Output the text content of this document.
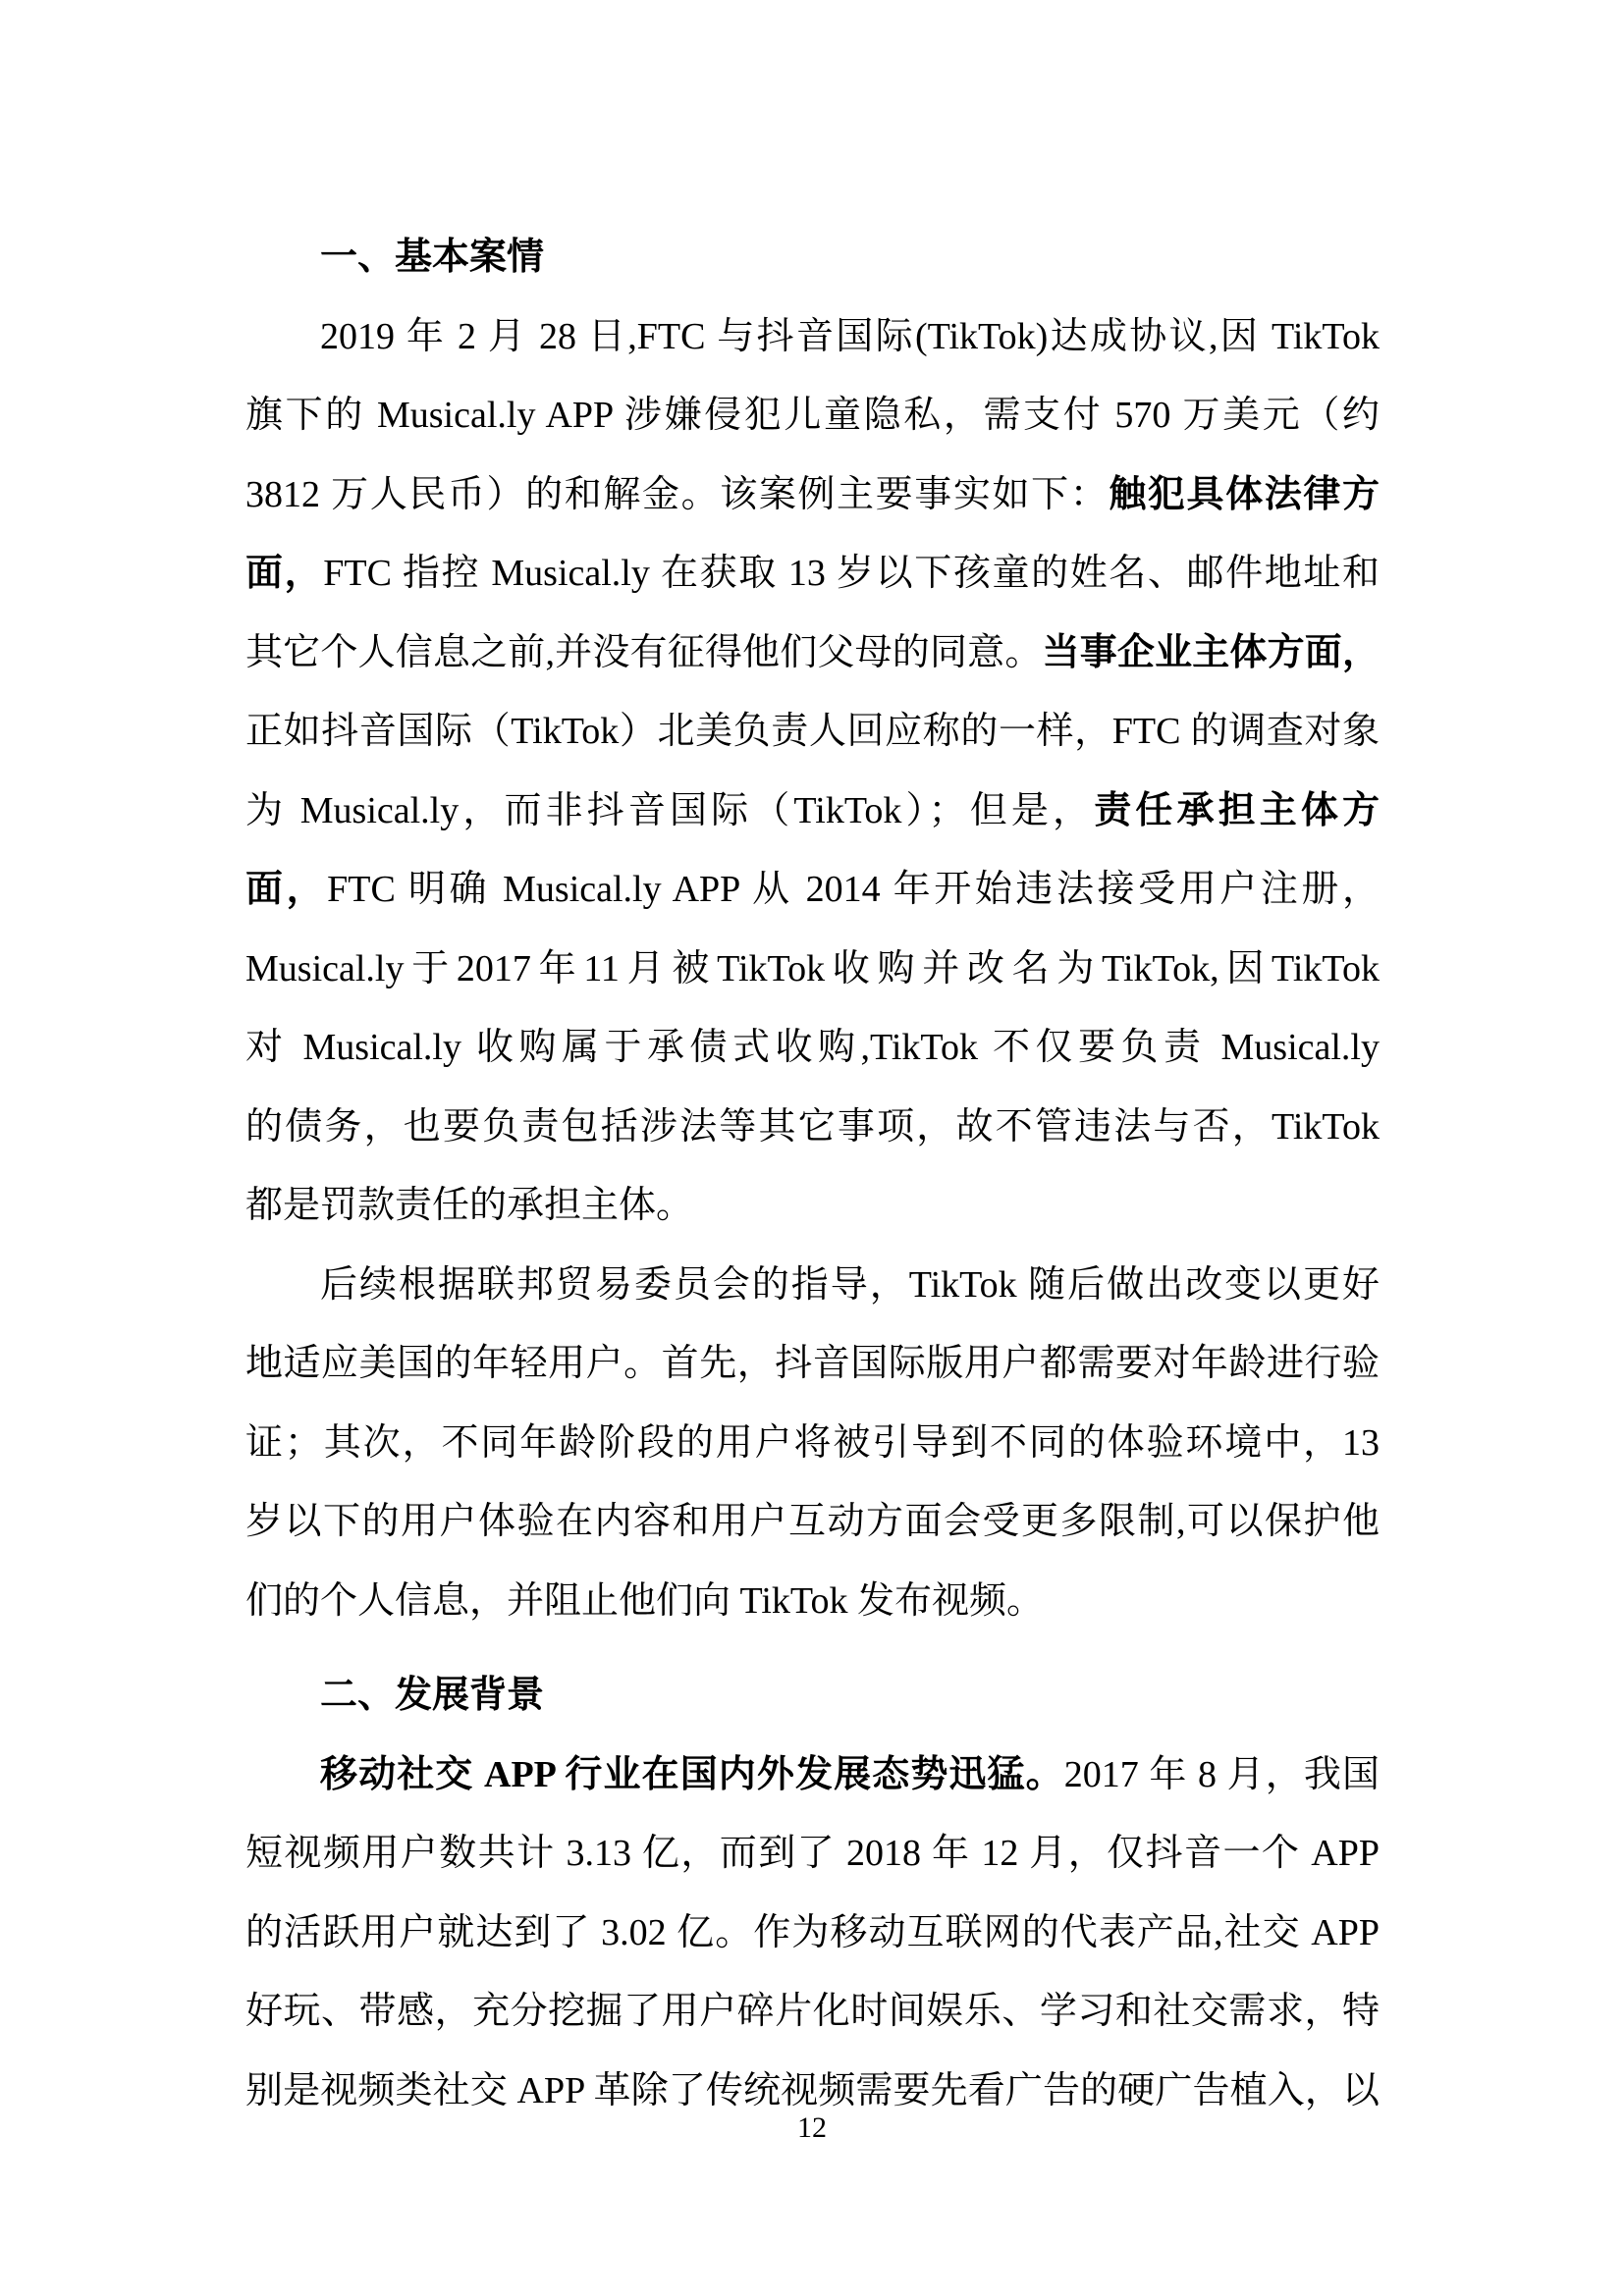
一、基本案情
2019 年 2 月 28 日,FTC 与抖音国际(TikTok)达成协议,因 TikTok
旗下的 Musical.ly APP 涉嫌侵犯儿童隐私，需支付 570 万美元（约
3812 万人民币）的和解金。该案例主要事实如下：触犯具体法律方
面，FTC 指控 Musical.ly 在获取 13 岁以下孩童的姓名、邮件地址和
其它个人信息之前,并没有征得他们父母的同意。当事企业主体方面，
正如抖音国际（TikTok）北美负责人回应称的一样，FTC 的调查对象
为 Musical.ly，而非抖音国际（TikTok）；但是，责任承担主体方
面，FTC 明确 Musical.ly APP 从 2014 年开始违法接受用户注册，
Musical.ly于2017年11月被TikTok收购并改名为TikTok,因TikTok
对 Musical.ly 收购属于承债式收购,TikTok 不仅要负责 Musical.ly
的债务，也要负责包括涉法等其它事项，故不管违法与否，TikTok
都是罚款责任的承担主体。
后续根据联邦贸易委员会的指导，TikTok 随后做出改变以更好
地适应美国的年轻用户。首先，抖音国际版用户都需要对年龄进行验
证；其次，不同年龄阶段的用户将被引导到不同的体验环境中，13
岁以下的用户体验在内容和用户互动方面会受更多限制,可以保护他
们的个人信息，并阻止他们向 TikTok 发布视频。
二、发展背景
移动社交 APP 行业在国内外发展态势迅猛。2017 年 8 月，我国
短视频用户数共计 3.13 亿，而到了 2018 年 12 月，仅抖音一个 APP
的活跃用户就达到了 3.02 亿。作为移动互联网的代表产品,社交 APP
好玩、带感，充分挖掘了用户碎片化时间娱乐、学习和社交需求，特
别是视频类社交 APP 革除了传统视频需要先看广告的硬广告植入，以
12
